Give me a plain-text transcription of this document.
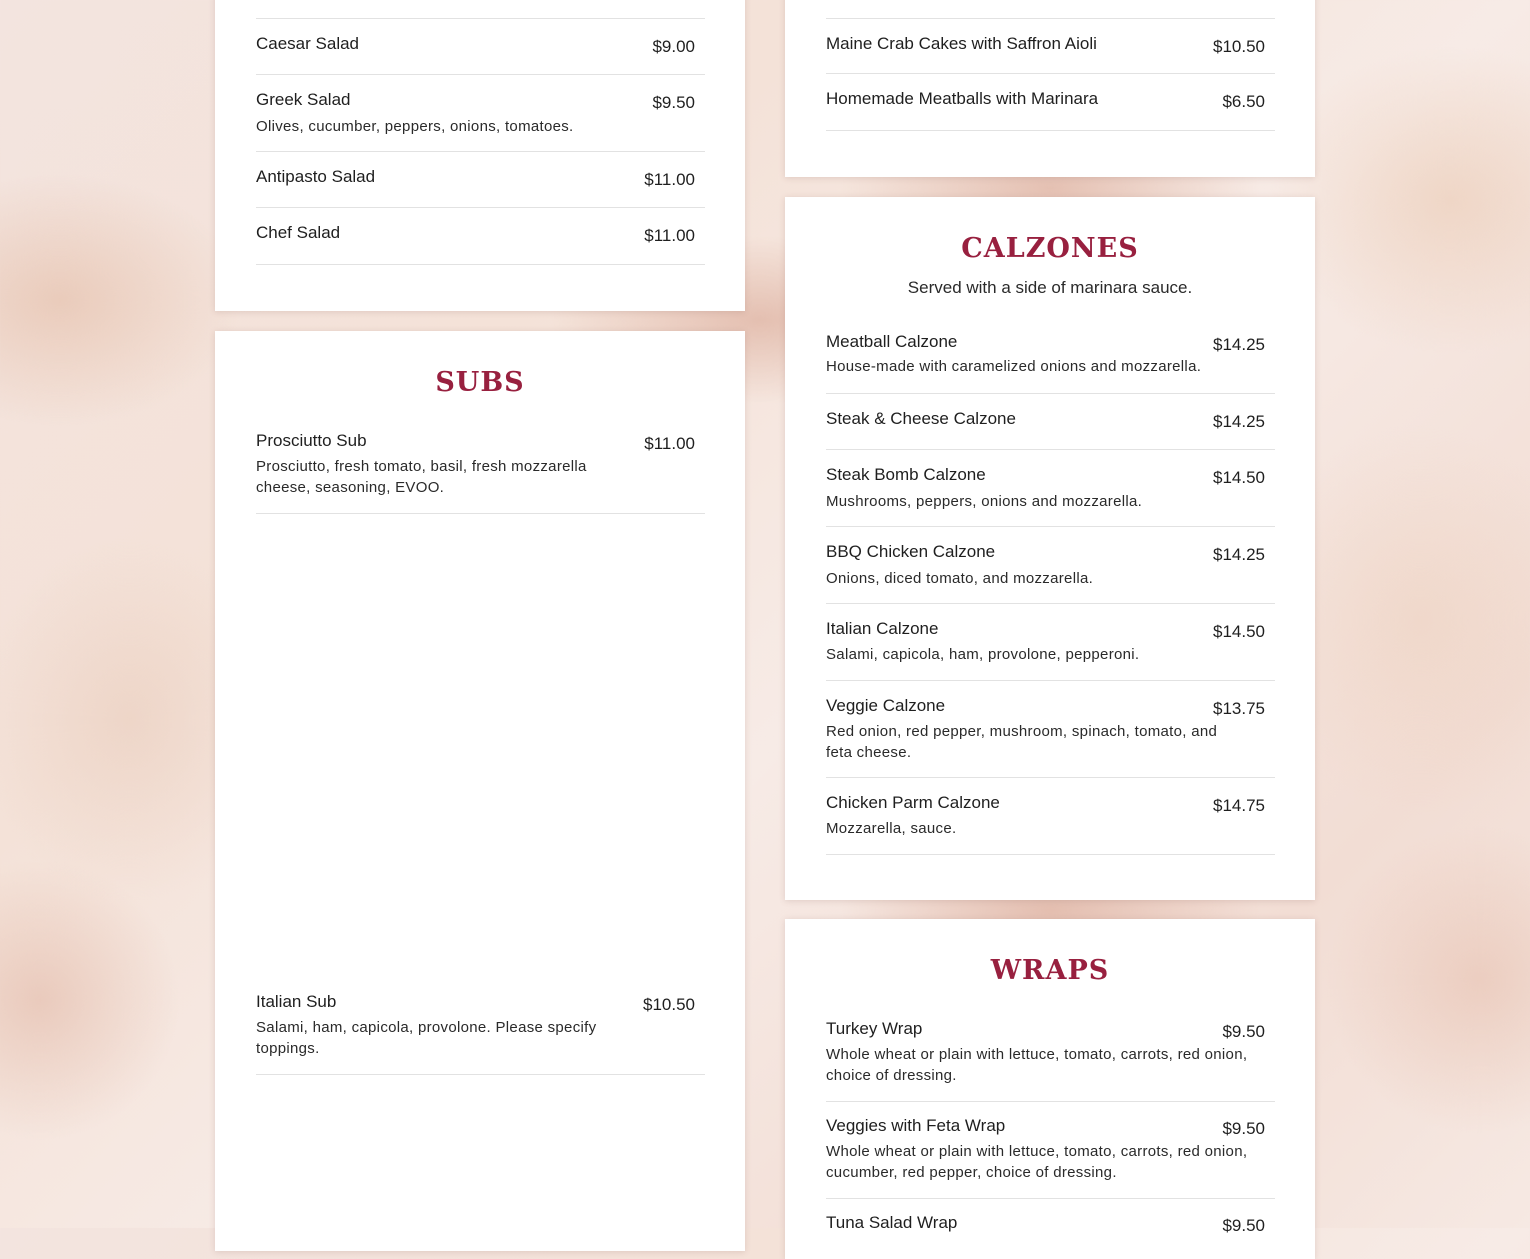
Caesar Salad	$9.00
Greek Salad	$9.50
Olives, cucumber, peppers, onions, tomatoes.
Antipasto Salad	$11.00
Chef Salad	$11.00
SUBS
Prosciutto Sub	$11.00
Prosciutto, fresh tomato, basil, fresh mozzarella cheese, seasoning, EVOO.
Italian Sub	$10.50
Salami, ham, capicola, provolone. Please specify toppings.
Maine Crab Cakes with Saffron Aioli	$10.50
Homemade Meatballs with Marinara	$6.50
CALZONES

Served with a side of marinara sauce.

Meatball Calzone	$14.25
House-made with caramelized onions and mozzarella.
Steak & Cheese Calzone	$14.25
Steak Bomb Calzone	$14.50
Mushrooms, peppers, onions and mozzarella.
BBQ Chicken Calzone	$14.25
Onions, diced tomato, and mozzarella.
Italian Calzone	$14.50
Salami, capicola, ham, provolone, pepperoni.
Veggie Calzone	$13.75
Red onion, red pepper, mushroom, spinach, tomato, and feta cheese.
Chicken Parm Calzone	$14.75
Mozzarella, sauce.
WRAPS
Turkey Wrap	$9.50
Whole wheat or plain with lettuce, tomato, carrots, red onion, choice of dressing.
Veggies with Feta Wrap	$9.50
Whole wheat or plain with lettuce, tomato, carrots, red onion, cucumber, red pepper, choice of dressing.
Tuna Salad Wrap	$9.50
